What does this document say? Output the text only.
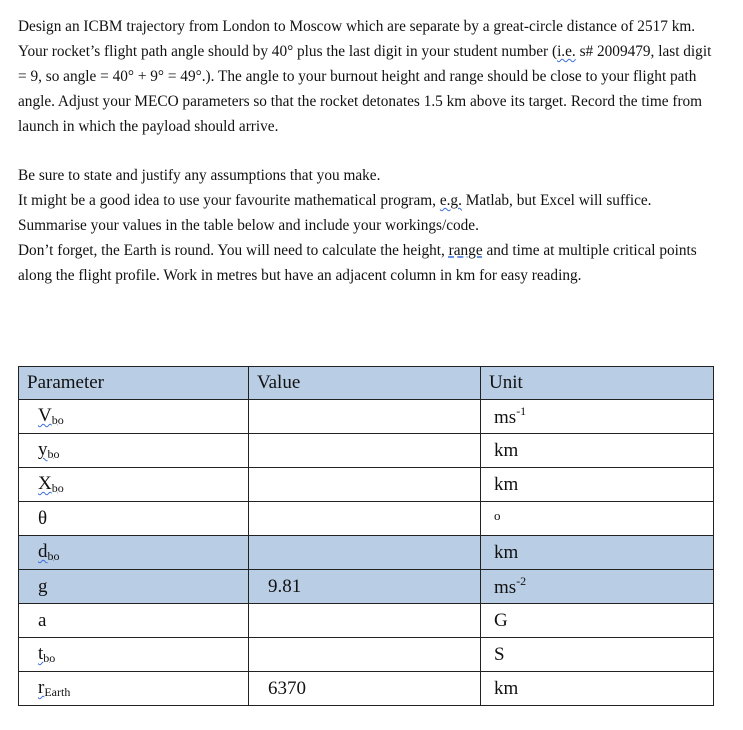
Design an ICBM trajectory from London to Moscow which are separate by a great-circle distance of 2517 km. Your rocket’s flight path angle should by 40° plus the last digit in your student number (i.e. s# 2009479, last digit = 9, so angle = 40° + 9° = 49°.). The angle to your burnout height and range should be close to your flight path angle. Adjust your MECO parameters so that the rocket detonates 1.5 km above its target. Record the time from launch in which the payload should arrive.
Be sure to state and justify any assumptions that you make.
It might be a good idea to use your favourite mathematical program, e.g. Matlab, but Excel will suffice.
Summarise your values in the table below and include your workings/code.
Don’t forget, the Earth is round. You will need to calculate the height, range and time at multiple critical points along the flight profile. Work in metres but have an adjacent column in km for easy reading.
Parameter	Value	Unit
$V_{bo}$		$ms^{-1}$
$y_{bo}$		km
$X_{bo}$		km
θ		$^o$
$d_{bo}$		km
g	9.81	$ms^{-2}$
a		G
$t_{bo}$		S
$r_{Earth}$	6370	km
